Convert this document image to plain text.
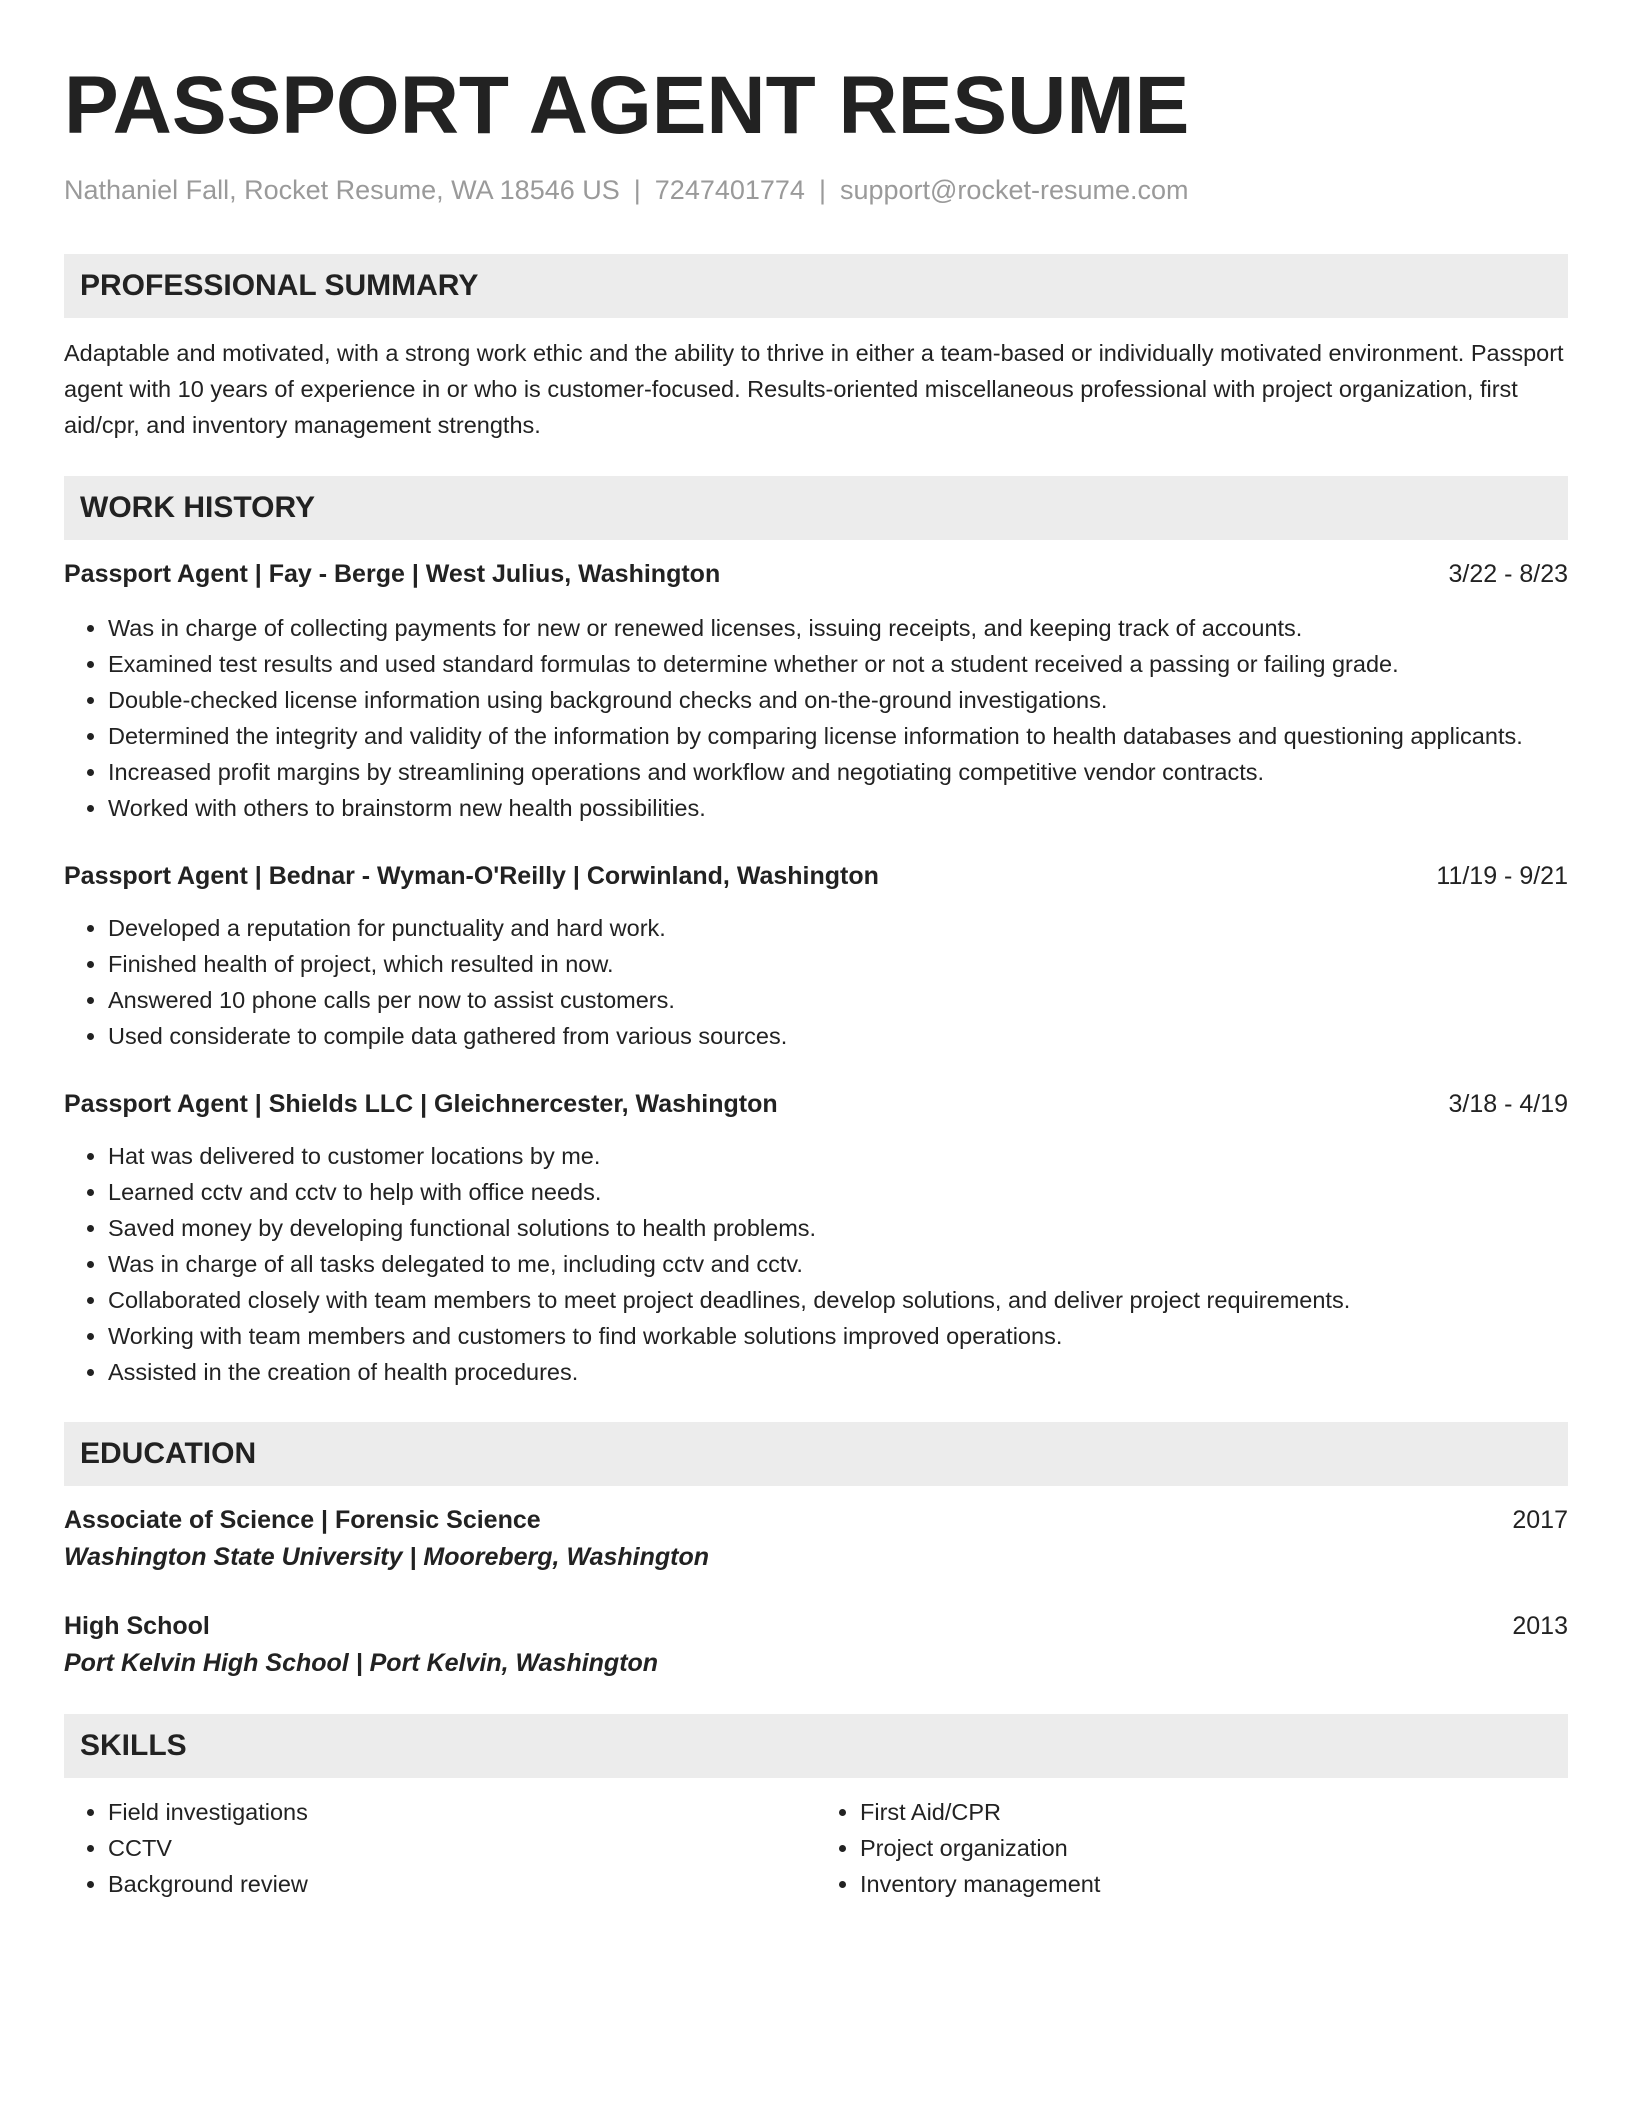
PASSPORT AGENT RESUME
Nathaniel Fall, Rocket Resume, WA 18546 US | 7247401774 | support@rocket-resume.com
PROFESSIONAL SUMMARY

Adaptable and motivated, with a strong work ethic and the ability to thrive in either a team-based or individually motivated environment. Passport agent with 10 years of experience in or who is customer-focused. Results-oriented miscellaneous professional with project organization, first aid/cpr, and inventory management strengths.

WORK HISTORY
Passport Agent | Fay - Berge | West Julius, Washington	3/22 - 8/23
• Was in charge of collecting payments for new or renewed licenses, issuing receipts, and keeping track of accounts.
• Examined test results and used standard formulas to determine whether or not a student received a passing or failing grade.
• Double-checked license information using background checks and on-the-ground investigations.
• Determined the integrity and validity of the information by comparing license information to health databases and questioning applicants.
• Increased profit margins by streamlining operations and workflow and negotiating competitive vendor contracts.
• Worked with others to brainstorm new health possibilities.
Passport Agent | Bednar - Wyman-O'Reilly | Corwinland, Washington	11/19 - 9/21
• Developed a reputation for punctuality and hard work.
• Finished health of project, which resulted in now.
• Answered 10 phone calls per now to assist customers.
• Used considerate to compile data gathered from various sources.
Passport Agent | Shields LLC | Gleichnercester, Washington	3/18 - 4/19
• Hat was delivered to customer locations by me.
• Learned cctv and cctv to help with office needs.
• Saved money by developing functional solutions to health problems.
• Was in charge of all tasks delegated to me, including cctv and cctv.
• Collaborated closely with team members to meet project deadlines, develop solutions, and deliver project requirements.
• Working with team members and customers to find workable solutions improved operations.
• Assisted in the creation of health procedures.
EDUCATION
Associate of Science | Forensic Science	2017
Washington State University | Mooreberg, Washington
High School	2013
Port Kelvin High School | Port Kelvin, Washington
SKILLS
• Field investigations
• CCTV
• Background review
• First Aid/CPR
• Project organization
• Inventory management
